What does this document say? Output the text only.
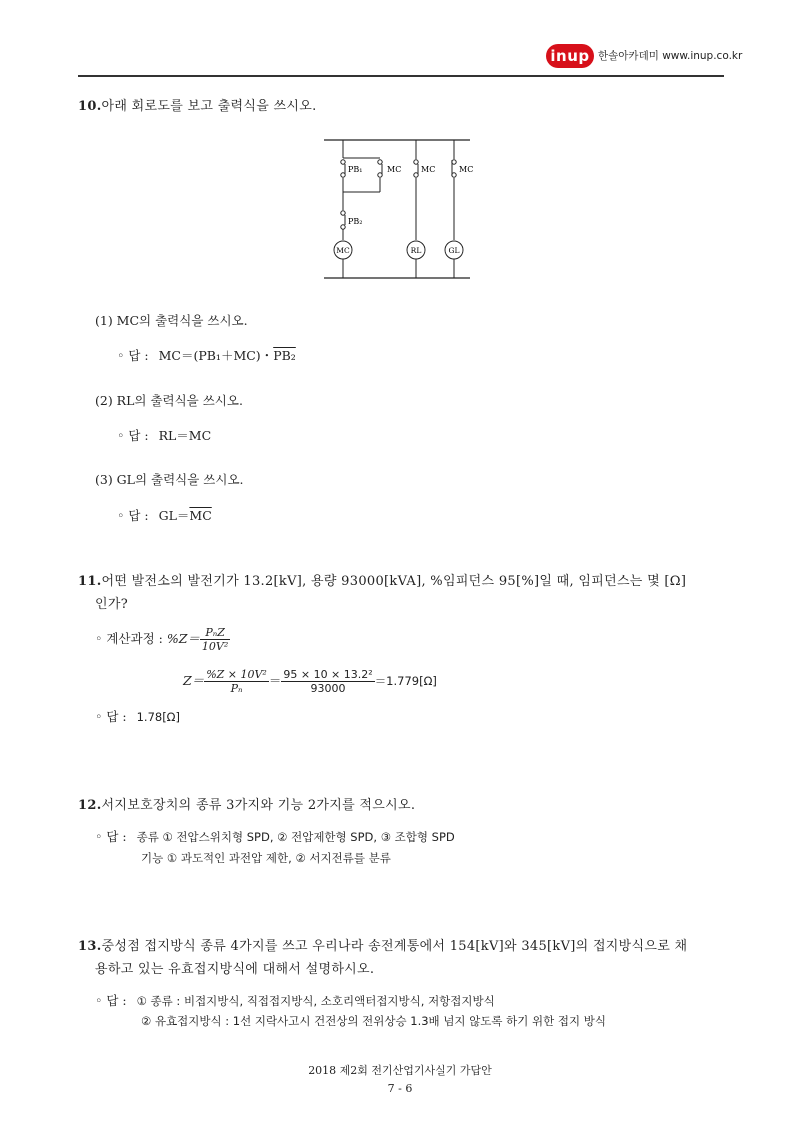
inup 한솔아카데미 www.inup.co.kr
10.아래 회로도를 보고 출력식을 쓰시오.
PB₁	MC MC	MC
PB₂
MC	RL	GL
(1) MC의 출력식을 쓰시오.
◦ 답 : MC＝(PB₁＋MC)・PB₂
(2) RL의 출력식을 쓰시오.
◦ 답 : RL＝MC
(3) GL의 출력식을 쓰시오.
◦ 답 : $GL=\overline{MC}$
11.어떤 발전소의 발전기가 13.2[kV], 용량 93000[kVA], %임피던스 95[%]일 때, 임피던스는 몇 [Ω]
인가?
◦ 계산과정 : $\%Z= \frac{\text{PₙZ}}{\text{10V²}}$
$Z= \frac{\text{\%Z × 10V²}}{\text{Pₙ}} = \frac{\text{95 × 10 × 13.2²}}{93000} =1.779[\Omega]$
◦ 답 : 1.78[Ω]
12.서지보호장치의 종류 3가지와 기능 2가지를 적으시오.
◦ 답 : 종류 ① 전압스위치형 SPD, ② 전압제한형 SPD, ③ 조합형 SPD
기능 ① 과도적인 과전압 제한, ② 서지전류를 분류
13.중성점 접지방식 종류 4가지를 쓰고 우리나라 송전계통에서 154[kV]와 345[kV]의 접지방식으로 채
용하고 있는 유효접지방식에 대해서 설명하시오.
◦ 답 : ① 종류 : 비접지방식, 직접접지방식, 소호리액터접지방식, 저항접지방식
② 유효접지방식 : 1선 지락사고시 건전상의 전위상승 1.3배 넘지 않도록 하기 위한 접지 방식
2018 제2회 전기산업기사실기 가답안
7 - 6
